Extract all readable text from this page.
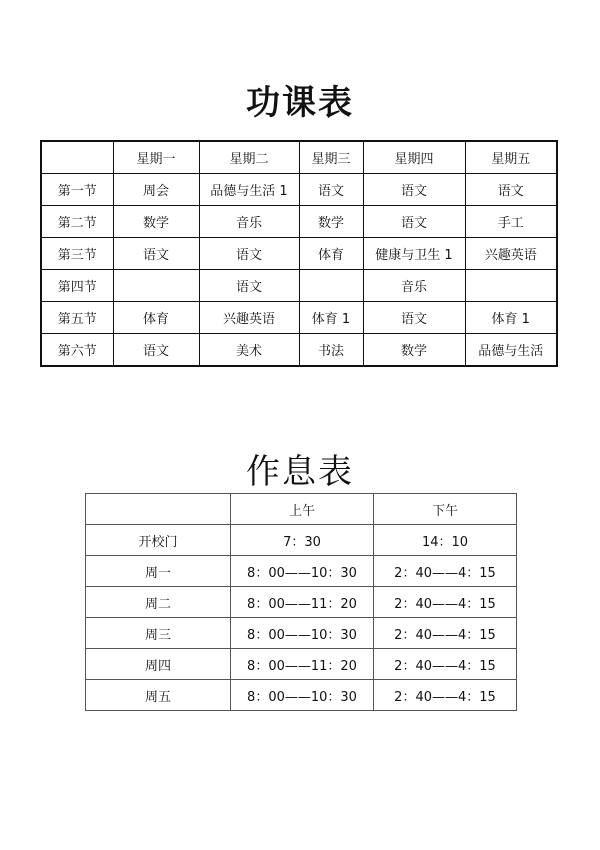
功课表
	星期一	星期二	星期三	星期四	星期五
第一节	周会	品德与生活 1	语文	语文	语文
第二节	数学	音乐	数学	语文	手工
第三节	语文	语文	体育	健康与卫生 1	兴趣英语
第四节		语文		音乐	
第五节	体育	兴趣英语	体育 1	语文	体育 1
第六节	语文	美术	书法	数学	品德与生活
作息表
	上午	下午
开校门	7：30	14：10
周一	8：00——10：30	2：40——4：15
周二	8：00——11：20	2：40——4：15
周三	8：00——10：30	2：40——4：15
周四	8：00——11：20	2：40——4：15
周五	8：00——10：30	2：40——4：15
